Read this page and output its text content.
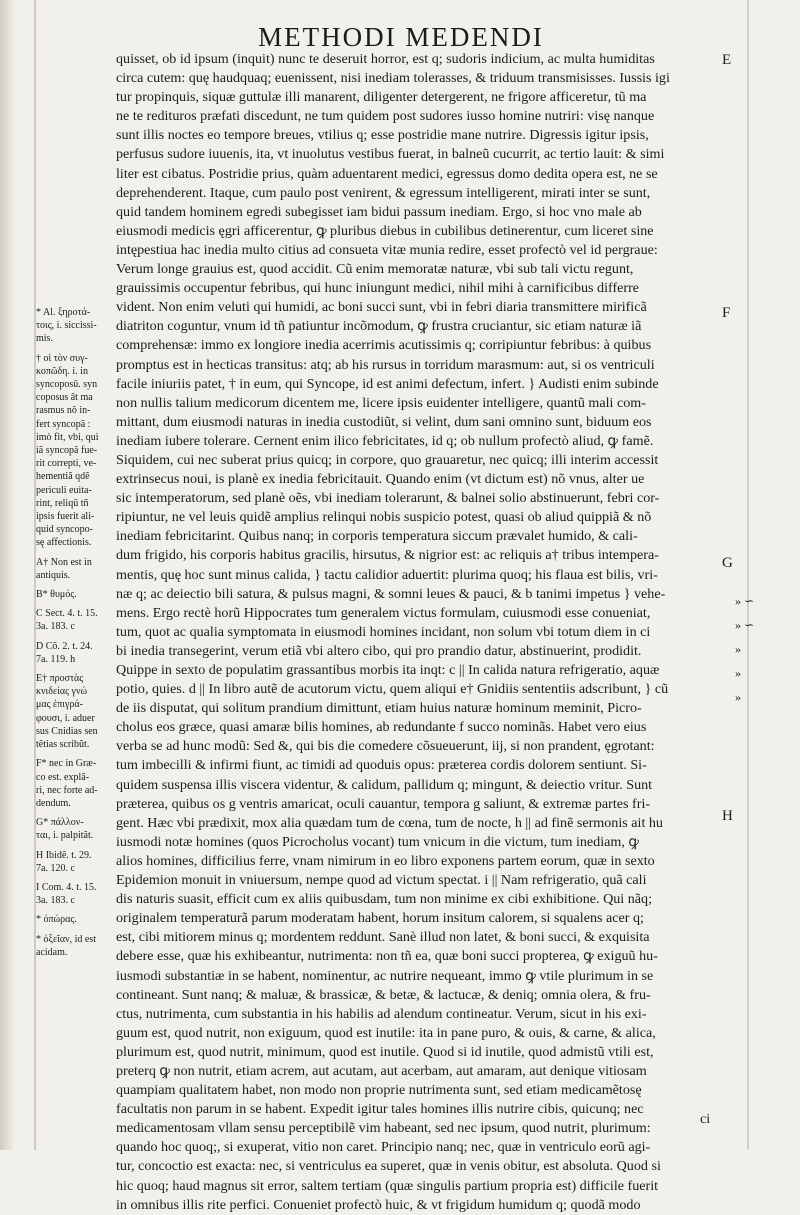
METHODI MEDENDI
quisset, ob id ipsum (inquit) nunc te deseruit horror, est q; sudoris indicium, ac multa humiditas
circa cutem: quę haudquaq; euenissent, nisi inediam tolerasses, & triduum transmisisses. Iussis igi
tur propinquis, siquæ guttulæ illi manarent, diligenter detergerent, ne frigore afficeretur, tũ ma
ne te redituros præfati discedunt, ne tum quidem post sudores iusso homine nutriri: visę nanque
sunt illis noctes eo tempore breues, vtilius q; esse postridie mane nutrire. Digressis igitur ipsis,
perfusus sudore iuuenis, ita, vt inuolutus vestibus fuerat, in balneũ cucurrit, ac tertio lauit: & simi
liter est cibatus. Postridie prius, quàm aduentarent medici, egressus domo dedita opera est, ne se
deprehenderent. Itaque, cum paulo post venirent, & egressum intelligerent, mirati inter se sunt,
quid tandem hominem egredi subegisset iam bidui passum inediam. Ergo, si hoc vno male ab
eiusmodi medicis ęgri afficerentur, ꝙ pluribus diebus in cubilibus detinerentur, cum liceret sine
intępestiua hac inedia multo citius ad consueta vitæ munia redire, esset profectò vel id pergraue:
Verum longe grauius est, quod accidit. Cũ enim memoratæ naturæ, vbi sub tali victu regunt,
grauissimis occupentur febribus, qui hunc iniungunt medici, nihil mihi à carnificibus differre
vident. Non enim veluti qui humidi, ac boni succi sunt, vbi in febri diaria transmittere mirificã
diatriton coguntur, vnum id tñ patiuntur incõmodum, ꝙ frustra cruciantur, sic etiam naturæ iã
comprehensæ: immo ex longiore inedia acerrimis acutissimis q; corripiuntur febribus: à quibus
promptus est in hecticas transitus: atq; ab his rursus in torridum marasmum: aut, si os ventriculi
facile iniuriis patet, † in eum, qui Syncope, id est animi defectum, infert. } Audisti enim subinde
non nullis talium medicorum dicentem me, licere ipsis euidenter intelligere, quantũ mali com-
mittant, dum eiusmodi naturas in inedia custodiũt, si velint, dum sani omnino sunt, biduum eos
inediam iubere tolerare. Cernent enim ilico febricitates, id q; ob nullum profectò aliud, ꝙ famẽ.
Siquidem, cui nec suberat prius quicq; in corpore, quo grauaretur, nec quicq; illi interim accessit
extrinsecus noui, is planè ex inedia febricitauit. Quando enim (vt dictum est) nõ vnus, alter ue
sic intemperatorum, sed planè oẽs, vbi inediam tolerarunt, & balnei solio abstinuerunt, febri cor-
ripiuntur, ne vel leuis quidẽ amplius relinqui nobis suspicio potest, quasi ob aliud quippiã & nõ
inediam febricitarint. Quibus nanq; in corporis temperatura siccum prævalet humido, & cali-
dum frigido, his corporis habitus gracilis, hirsutus, & nigrior est: ac reliquis a† tribus intempera-
mentis, quę hoc sunt minus calida, } tactu calidior aduertit: plurima quoq; his flaua est bilis, vri-
næ q; ac deiectio bili satura, & pulsus magni, & somni leues & pauci, & b tanimi impetus } vehe-
mens. Ergo rectè horũ Hippocrates tum generalem victus formulam, cuiusmodi esse conueniat,
tum, quot ac qualia symptomata in eiusmodi homines incidant, non solum vbi totum diem in ci
bi inedia transegerint, verum etiã vbi altero cibo, qui pro prandio datur, abstinuerint, prodidit.
Quippe in sexto de populatim grassantibus morbis ita inqt: c || In calida natura refrigeratio, aquæ
potio, quies. d || In libro autẽ de acutorum victu, quem aliqui e† Gnidiis sententiis adscribunt, } cũ
de iis disputat, qui solitum prandium dimittunt, etiam huius naturæ hominum meminit, Picro-
cholus eos græce, quasi amaræ bilis homines, ab redundante f succo nominãs. Habet vero eius
verba se ad hunc modũ: Sed &, qui bis die comedere cõsueuerunt, iij, si non prandent, ęgrotant:
tum imbecilli & infirmi fiunt, ac timidi ad quoduis opus: præterea cordis dolorem sentiunt. Si-
quidem suspensa illis viscera videntur, & calidum, pallidum q; mingunt, & deiectio vritur. Sunt
præterea, quibus os g ventris amaricat, oculi cauantur, tempora g saliunt, & extremæ partes fri-
gent. Hæc vbi prædixit, mox alia quædam tum de cœna, tum de nocte, h || ad finẽ sermonis ait hu
iusmodi notæ homines (quos Picrocholus vocant) tum vnicum in die victum, tum inediam, ꝙ
alios homines, difficilius ferre, vnam nimirum in eo libro exponens partem eorum, quæ in sexto
Epidemion monuit in vniuersum, nempe quod ad victum spectat. i || Nam refrigeratio, quã cali
dis naturis suasit, efficit cum ex aliis quibusdam, tum non minime ex cibi exhibitione. Qui nãq;
originalem temperaturã parum moderatam habent, horum insitum calorem, si squalens acer q;
est, cibi mitiorem minus q; mordentem reddunt. Sanè illud non latet, & boni succi, & exquisita
debere esse, quæ his exhibeantur, nutrimenta: non tñ ea, quæ boni succi propterea, ꝙ exiguũ hu-
iusmodi substantiæ in se habent, nominentur, ac nutrire nequeant, immo ꝙ vtile plurimum in se
contineant. Sunt nanq; & maluæ, & brassicæ, & betæ, & lactucæ, & deniq; omnia olera, & fru-
ctus, nutrimenta, cum substantia in his habilis ad alendum contineatur. Verum, sicut in his exi-
guum est, quod nutrit, non exiguum, quod est inutile: ita in pane puro, & ouis, & carne, & alica,
plurimum est, quod nutrit, minimum, quod est inutile. Quod si id inutile, quod admistũ vtili est,
preterq ꝙ non nutrit, etiam acrem, aut acutam, aut acerbam, aut amaram, aut denique vitiosam
quampiam qualitatem habet, non modo non proprie nutrimenta sunt, sed etiam medicamẽtosę
facultatis non parum in se habent. Expedit igitur tales homines illis nutrire cibis, quicunq; nec
medicamentosam vllam sensu perceptibilẽ vim habeant, sed nec ipsum, quod nutrit, plurimum:
quando hoc quoq;, si exuperat, vitio non caret. Principio nanq; nec, quæ in ventriculo eorũ agi-
tur, concoctio est exacta: nec, si ventriculus ea superet, quæ in venis obitur, est absoluta. Quod si
hic quoq; haud magnus sit error, saltem tertiam (quæ singulis partium propria est) difficile fuerit
in omnibus illis rite perfici. Conueniet profectò huic, & vt frigidum humidum q; quodã modo
* Al. ξηροτά-
τοις, i. siccissi-
mis.
† οἱ τὸν συγ-
κοπῶδη. i. in
syncoposũ. syn
coposus ât ma
rasmus nõ in-
fert syncopã :
imò fit, vbi, qui
iã syncopã fue-
rit correpti, ve-
hementiã qdẽ
periculi euita-
rint, reliqũ tñ
ipsis fuerit ali-
quid syncopo-
sę affectionis.
A† Non est in
antiquis.
B* θυμός.
C Sect. 4. t. 15.
3a. 183. c
D Cõ. 2. t. 24.
7a. 119. h
E† προστὰς
κνιδείας γνώ
μας ἐπιγρά-
φουσι, i. aduer
sus Cnidias sen
tẽtias scribũt.
F* nec in Græ-
co est. explã-
ri, nec forte ad-
dendum.
G* πάλλον-
ται, i. palpitãt.
H Ibidẽ. t. 29.
7a. 120. c
I Com. 4. t. 15.
3a. 183. c
* ὀπώρας.
* ὀξεῖαν, id est
acidam.
E
F
G
H
» ∽
» ∽
»
»
»
ci
